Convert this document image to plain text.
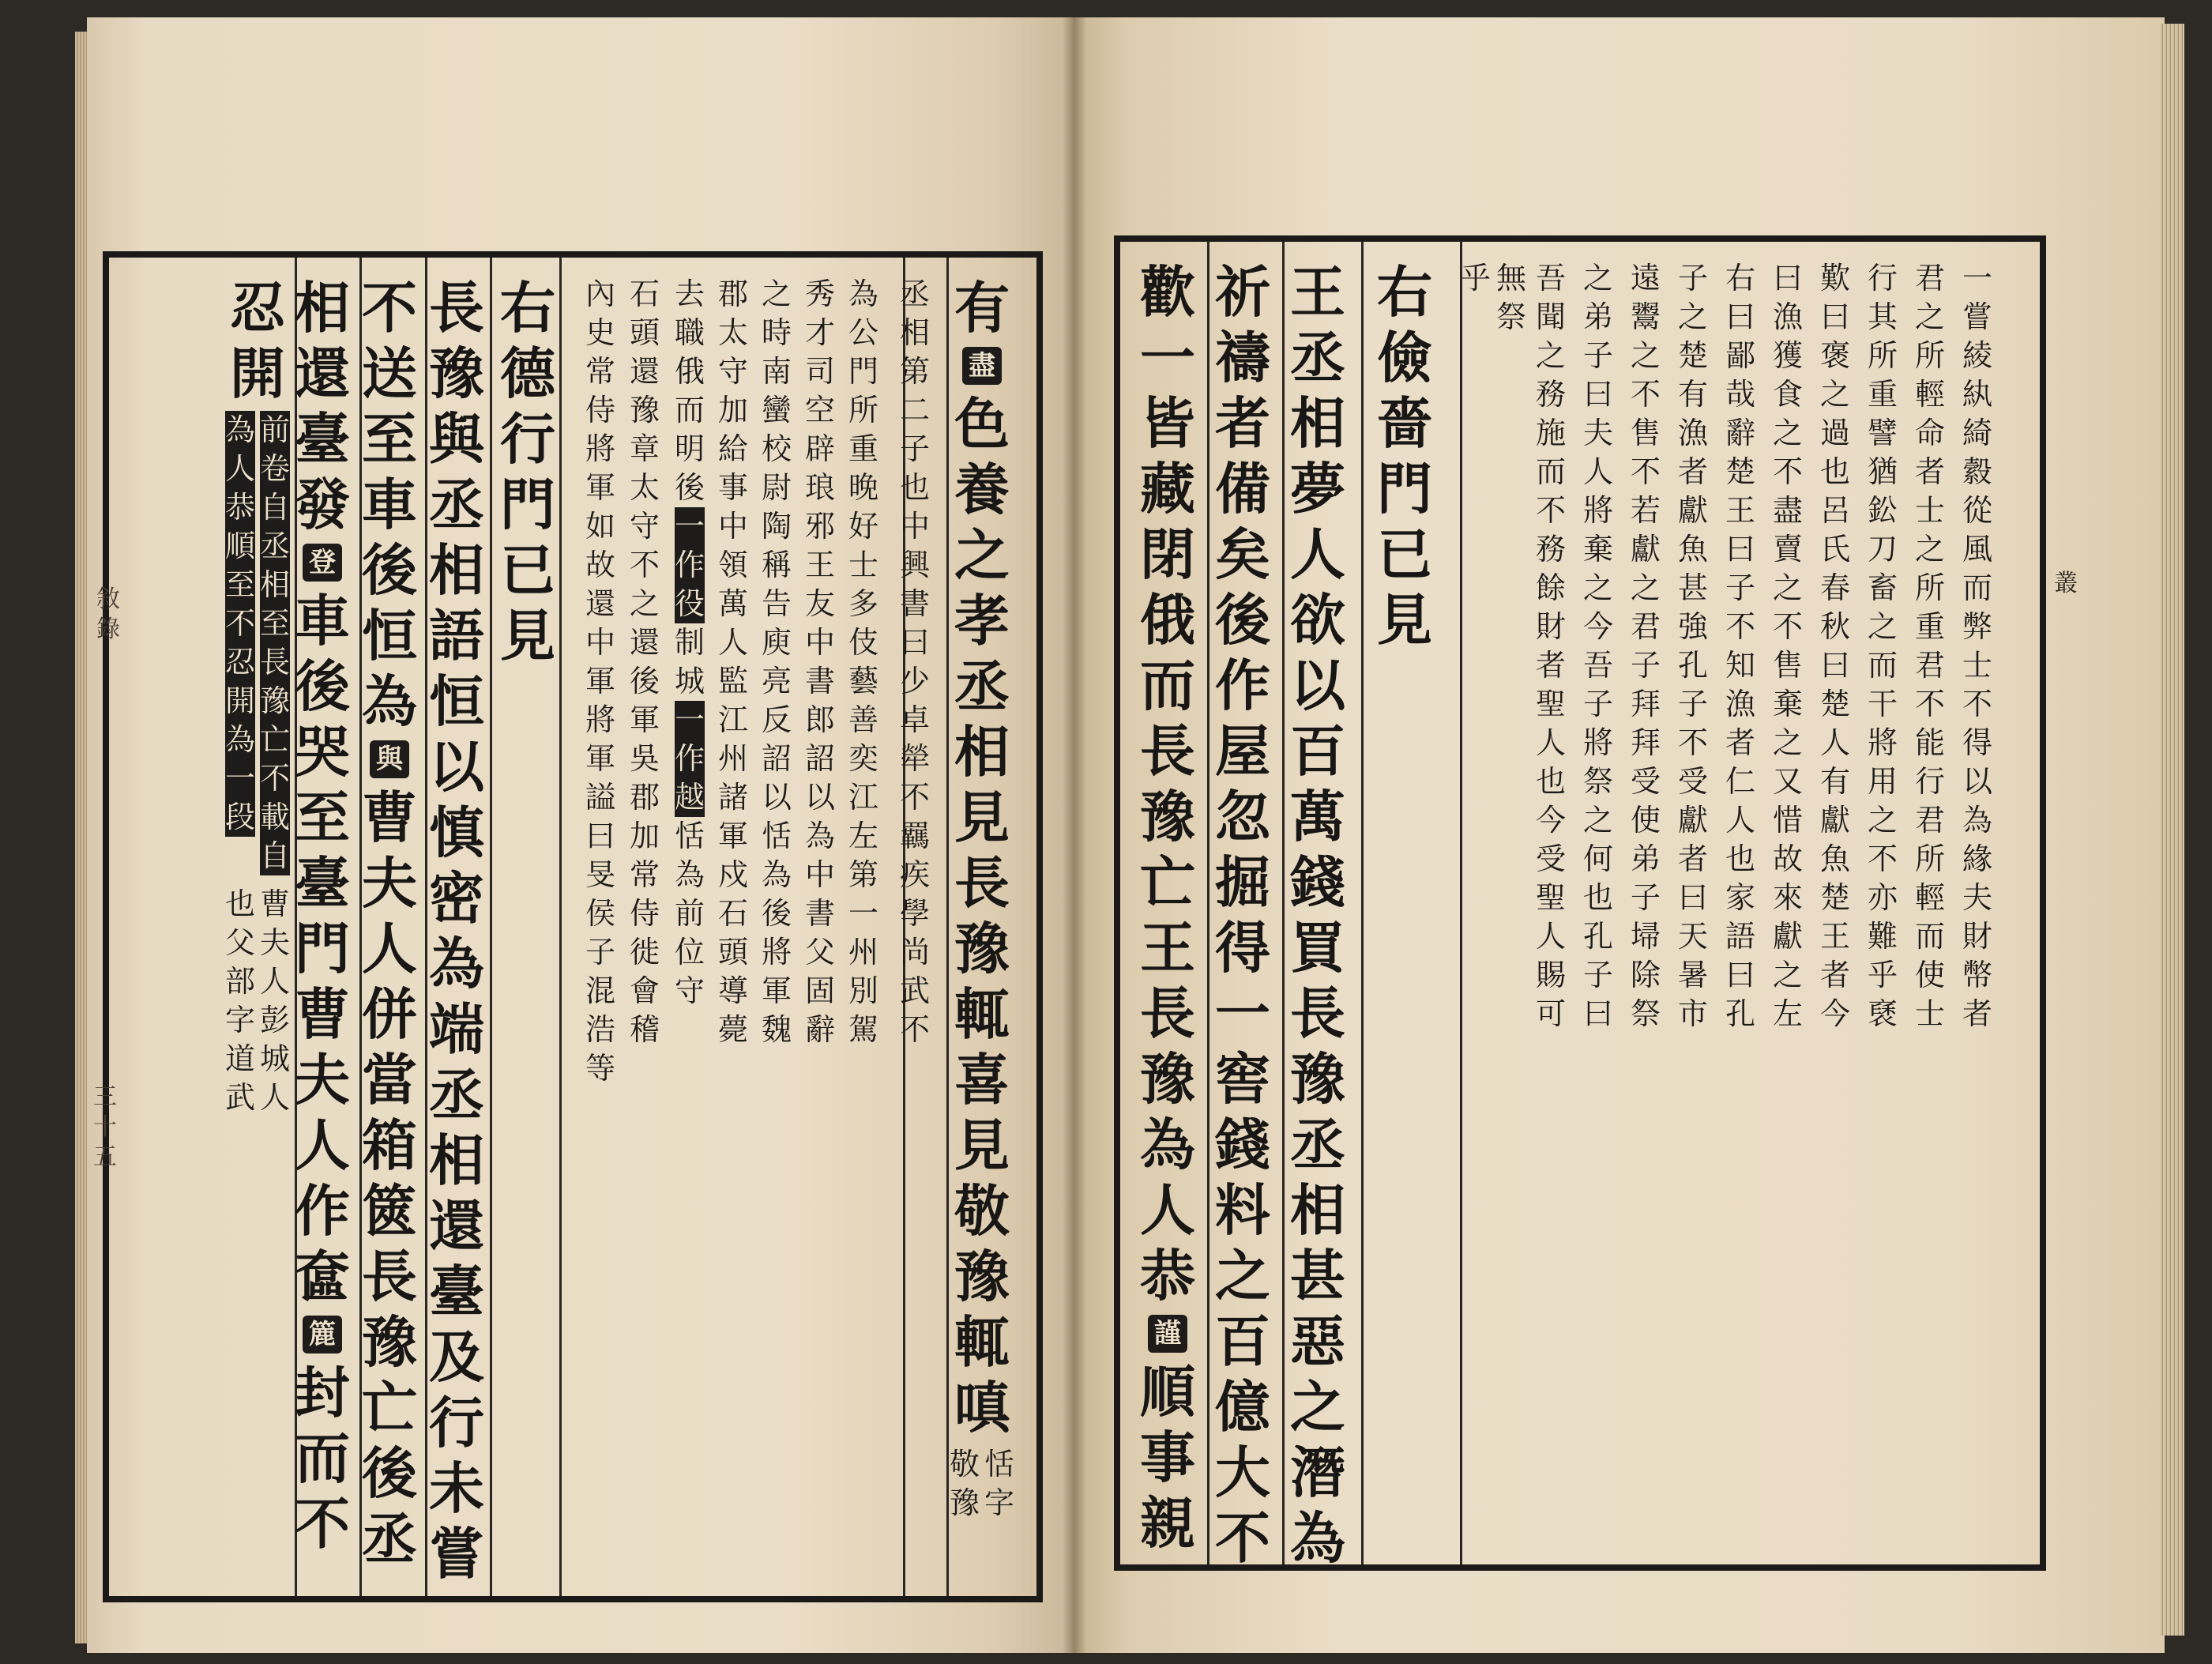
有
盡
色
養
之
孝
丞
相
見
長
豫
輒
喜
見
敬
豫
輒
嗔
恬
字
敬
豫
丞
相
第
二
子
也
中
興
書
曰
少
卓
犖
不
羈
疾
學
尚
武
不
為
公
門
所
重
晚
好
士
多
伎
藝
善
奕
江
左
第
一
州
別
駕
秀
才
司
空
辟
琅
邪
王
友
中
書
郎
詔
以
為
中
書
父
固
辭
之
時
南
蠻
校
尉
陶
稱
告
庾
亮
反
詔
以
恬
為
後
將
軍
魏
郡
太
守
加
給
事
中
領
萬
人
監
江
州
諸
軍
戍
石
頭
導
薨
去
職
俄
而
明
後
一
作
役
制
城
一
作
越
恬
為
前
位
守
石
頭
還
豫
章
太
守
不
之
還
後
軍
吳
郡
加
常
侍
徙
會
稽
內
史
常
侍
將
軍
如
故
還
中
軍
將
軍
謚
曰
旻
侯
子
混
浩
等
右
德
行
門
已
見
長
豫
與
丞
相
語
恒
以
慎
密
為
端
丞
相
還
臺
及
行
未
嘗
不
送
至
車
後
恒
為
與
曹
夫
人
併
當
箱
篋
長
豫
亡
後
丞
相
還
臺
發
登
車
後
哭
至
臺
門
曹
夫
人
作
奩
簏
封
而
不
忍
開
前
卷
自
丞
相
至
長
豫
亡
不
載
自
為
人
恭
順
至
不
忍
開
為
一
段
曹
夫
人
彭
城
人
也
父
部
字
道
武
一
嘗
綾
紈
綺
縠
從
風
而
弊
士
不
得
以
為
緣
夫
財
幣
者
君
之
所
輕
命
者
士
之
所
重
君
不
能
行
君
所
輕
而
使
士
行
其
所
重
譬
猶
鈆
刀
畜
之
而
干
將
用
之
不
亦
難
乎
褎
歎
曰
褒
之
過
也
呂
氏
春
秋
曰
楚
人
有
獻
魚
楚
王
者
今
曰
漁
獲
食
之
不
盡
賣
之
不
售
棄
之
又
惜
故
來
獻
之
左
右
曰
鄙
哉
辭
楚
王
曰
子
不
知
漁
者
仁
人
也
家
語
曰
孔
子
之
楚
有
漁
者
獻
魚
甚
強
孔
子
不
受
獻
者
曰
天
暑
市
遠
鬻
之
不
售
不
若
獻
之
君
子
拜
拜
受
使
弟
子
埽
除
祭
之
弟
子
曰
夫
人
將
棄
之
今
吾
子
將
祭
之
何
也
孔
子
曰
吾
聞
之
務
施
而
不
務
餘
財
者
聖
人
也
今
受
聖
人
賜
可
無
祭
乎
右
儉
嗇
門
已
見
王
丞
相
夢
人
欲
以
百
萬
錢
買
長
豫
丞
相
甚
惡
之
潛
為
祈
禱
者
備
矣
後
作
屋
忽
掘
得
一
窖
錢
料
之
百
億
大
不
歡
一
皆
藏
閉
俄
而
長
豫
亡
王
長
豫
為
人
恭
謹
順
事
親
敘
錄
三
十
五
叢
